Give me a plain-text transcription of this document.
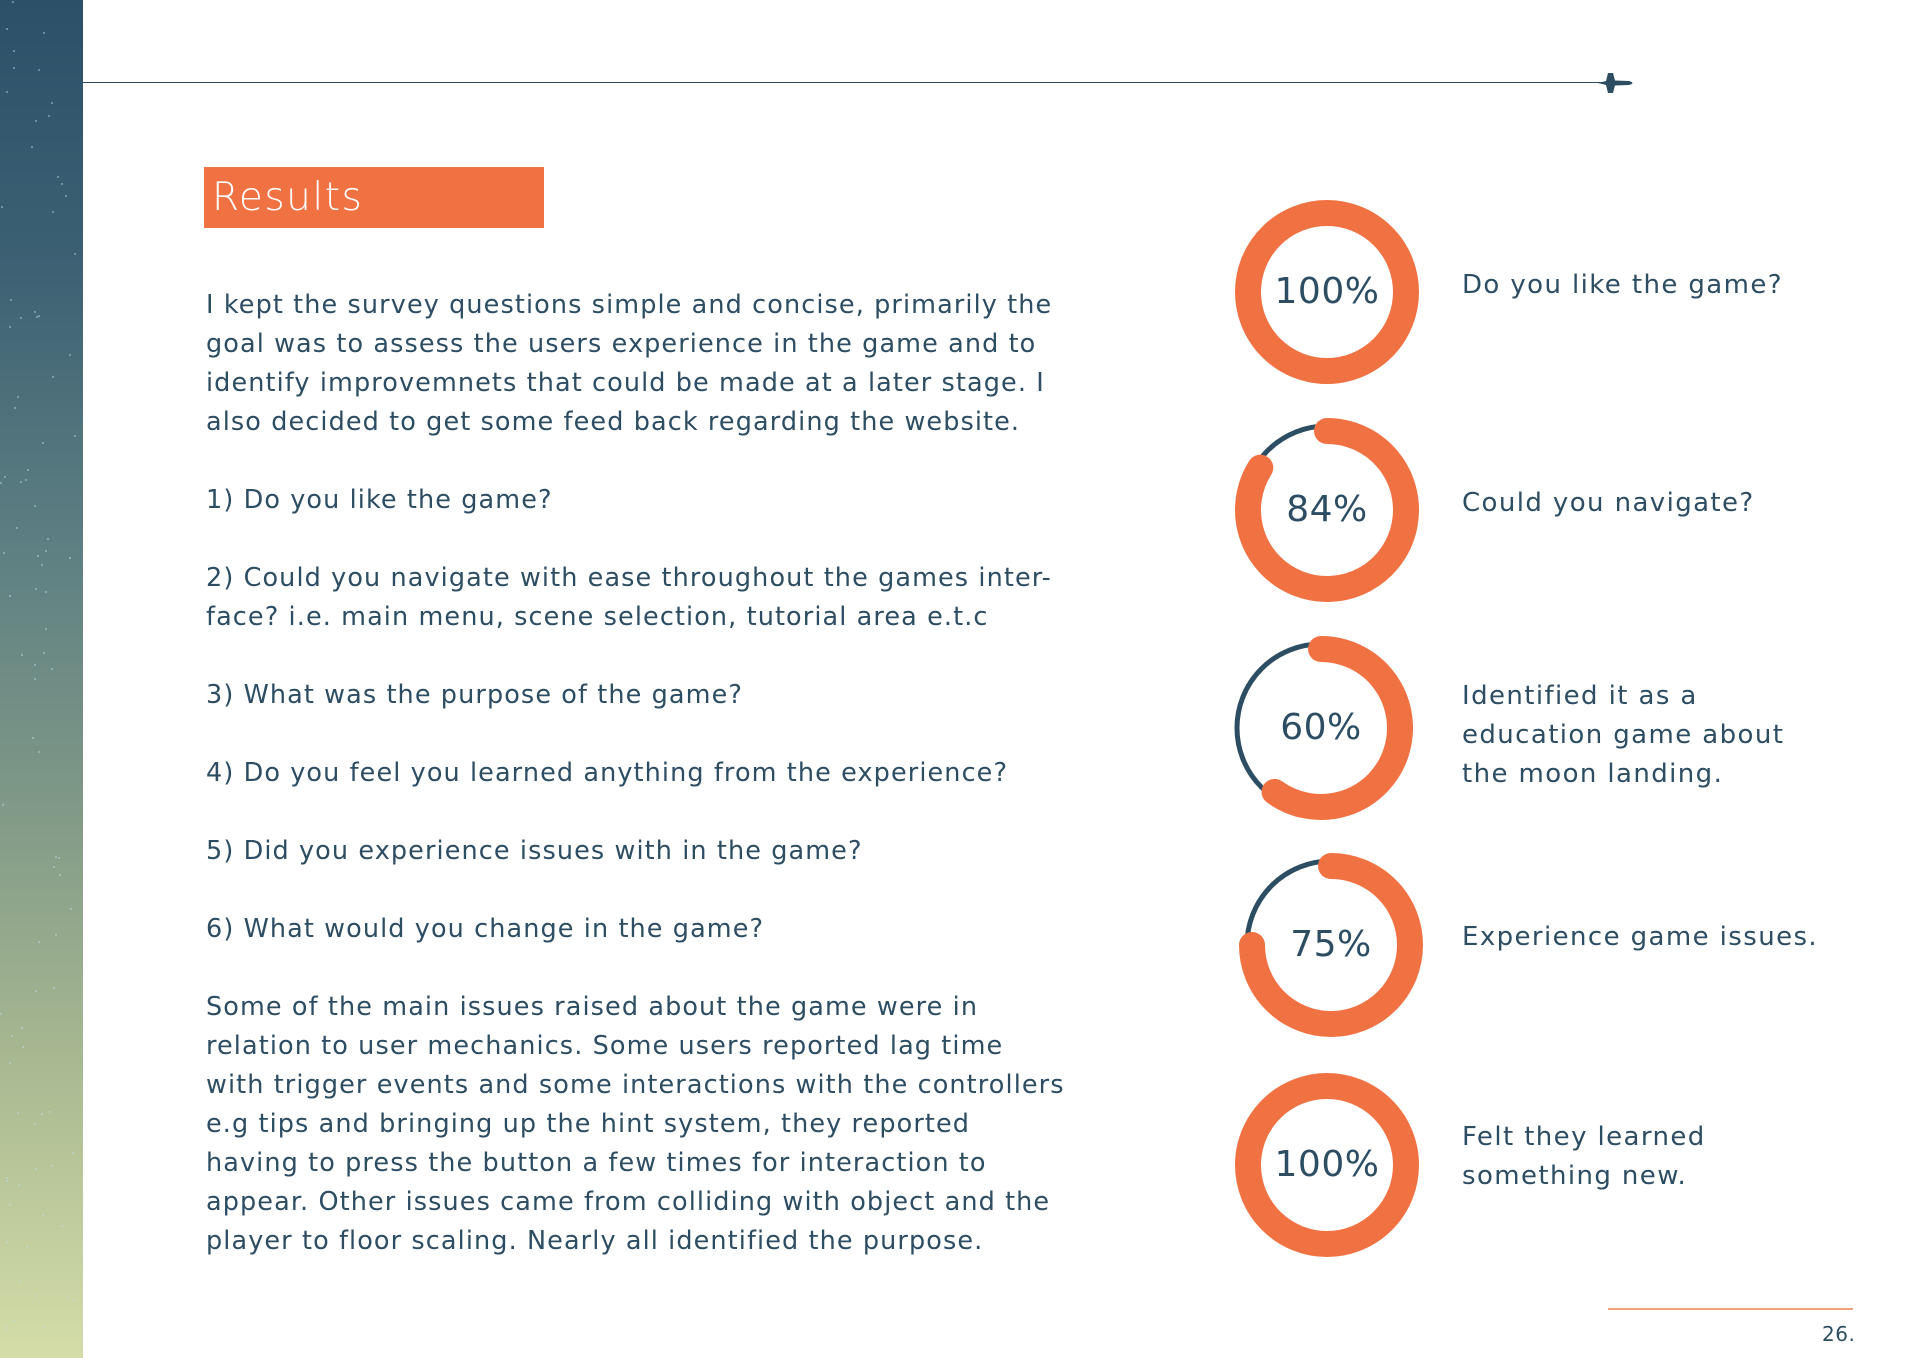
Results

I kept the survey questions simple and concise, primarily the goal was to assess the users experience in the game and to identify improvemnets that could be made at a later stage. I also decided to get some feed back regarding the website.

1) Do you like the game?

2) Could you navigate with ease throughout the games inter-face? i.e. main menu, scene selection, tutorial area e.t.c

3) What was the purpose of the game?

4) Do you feel you learned anything from the experience?

5) Did you experience issues with in the game?

6) What would you change in the game?

Some of the main issues raised about the game were in relation to user mechanics. Some users reported lag time with trigger events and some interactions with the controllers e.g tips and bringing up the hint system, they reported having to press the button a few times for interaction to appear. Other issues came from colliding with object and the player to floor scaling. Nearly all identified the purpose.

100%
84%
60%
75%
100%
Do you like the game?
Could you navigate?
Identified it as a education game about the moon landing.
Experience game issues.
Felt they learned something new.
26.
